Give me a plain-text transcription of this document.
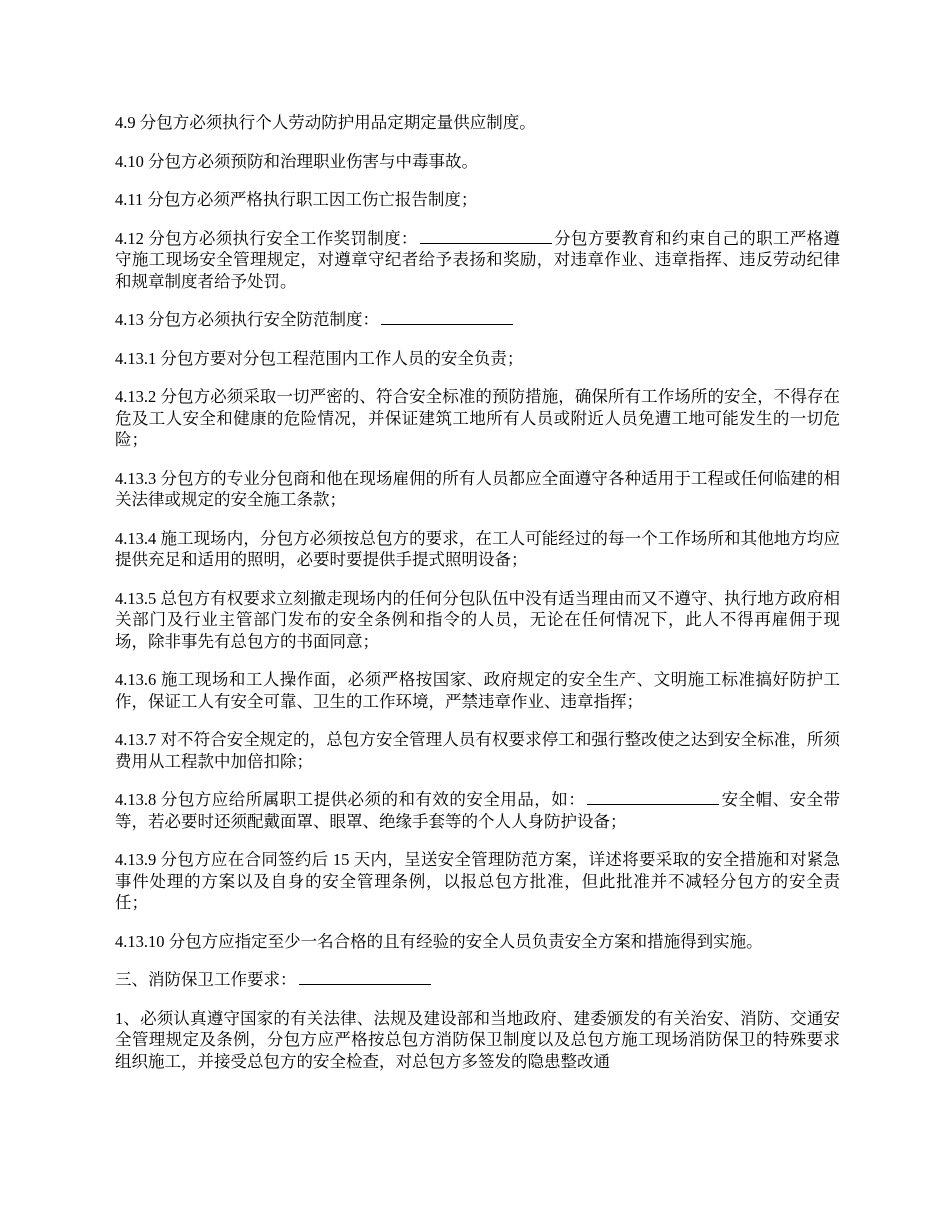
4.9 分包方必须执行个人劳动防护用品定期定量供应制度。

4.10 分包方必须预防和治理职业伤害与中毒事故。

4.11 分包方必须严格执行职工因工伤亡报告制度；

4.12 分包方必须执行安全工作奖罚制度：	分包方要教育和约束自己的职工严格遵守施工现场安全管理规定，对遵章守纪者给予表扬和奖励，对违章作业、违章指挥、违反劳动纪律和规章制度者给予处罚。

4.13 分包方必须执行安全防范制度：

4.13.1 分包方要对分包工程范围内工作人员的安全负责；

4.13.2 分包方必须采取一切严密的、符合安全标准的预防措施，确保所有工作场所的安全，不得存在危及工人安全和健康的危险情况，并保证建筑工地所有人员或附近人员免遭工地可能发生的一切危险；

4.13.3 分包方的专业分包商和他在现场雇佣的所有人员都应全面遵守各种适用于工程或任何临建的相关法律或规定的安全施工条款；

4.13.4 施工现场内，分包方必须按总包方的要求，在工人可能经过的每一个工作场所和其他地方均应提供充足和适用的照明，必要时要提供手提式照明设备；

4.13.5 总包方有权要求立刻撤走现场内的任何分包队伍中没有适当理由而又不遵守、执行地方政府相关部门及行业主管部门发布的安全条例和指令的人员，无论在任何情况下，此人不得再雇佣于现场，除非事先有总包方的书面同意；

4.13.6 施工现场和工人操作面，必须严格按国家、政府规定的安全生产、文明施工标准搞好防护工作，保证工人有安全可靠、卫生的工作环境，严禁违章作业、违章指挥；

4.13.7 对不符合安全规定的，总包方安全管理人员有权要求停工和强行整改使之达到安全标准，所须费用从工程款中加倍扣除；

4.13.8 分包方应给所属职工提供必须的和有效的安全用品，如：	安全帽、安全带等，若必要时还须配戴面罩、眼罩、绝缘手套等的个人人身防护设备；

4.13.9 分包方应在合同签约后 15 天内，呈送安全管理防范方案，详述将要采取的安全措施和对紧急事件处理的方案以及自身的安全管理条例，以报总包方批准，但此批准并不减轻分包方的安全责任；

4.13.10 分包方应指定至少一名合格的且有经验的安全人员负责安全方案和措施得到实施。

三、消防保卫工作要求：

1、必须认真遵守国家的有关法律、法规及建设部和当地政府、建委颁发的有关治安、消防、交通安全管理规定及条例，分包方应严格按总包方消防保卫制度以及总包方施工现场消防保卫的特殊要求组织施工，并接受总包方的安全检查，对总包方多签发的隐患整改通
